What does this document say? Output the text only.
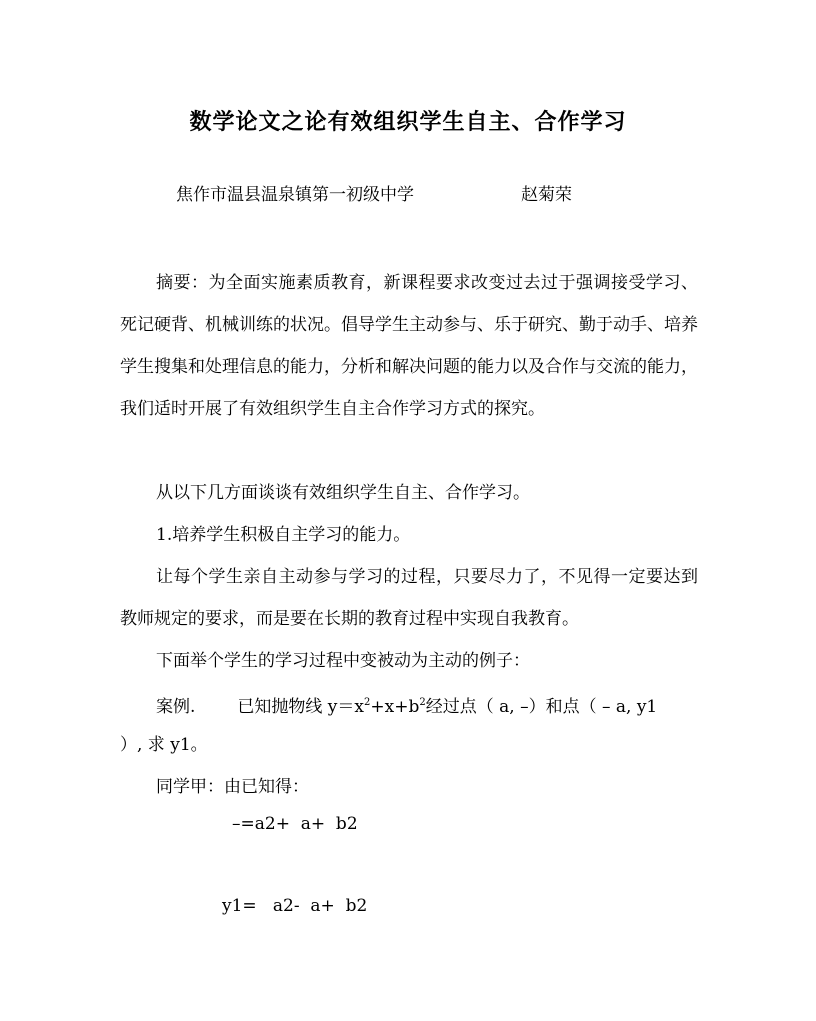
数学论文之论有效组织学生自主、合作学习
焦作市温县温泉镇第一初级中学	赵菊荣

摘要：为全面实施素质教育，新课程要求改变过去过于强调接受学习、死记硬背、机械训练的状况。倡导学生主动参与、乐于研究、勤于动手、培养学生搜集和处理信息的能力，分析和解决问题的能力以及合作与交流的能力，我们适时开展了有效组织学生自主合作学习方式的探究。

从以下几方面谈谈有效组织学生自主、合作学习。

1.培养学生积极自主学习的能力。

让每个学生亲自主动参与学习的过程，只要尽力了，不见得一定要达到教师规定的要求，而是要在长期的教育过程中实现自我教育。

下面举个学生的学习过程中变被动为主动的例子：

案例. 已知抛物线 $y=x^2+x+b^2$经过点（ a, –）和点（ – a, y1

）, 求 y1。

同学甲：由已知得：

–=a2+  a+  b2
y1=   a2-  a+  b2
